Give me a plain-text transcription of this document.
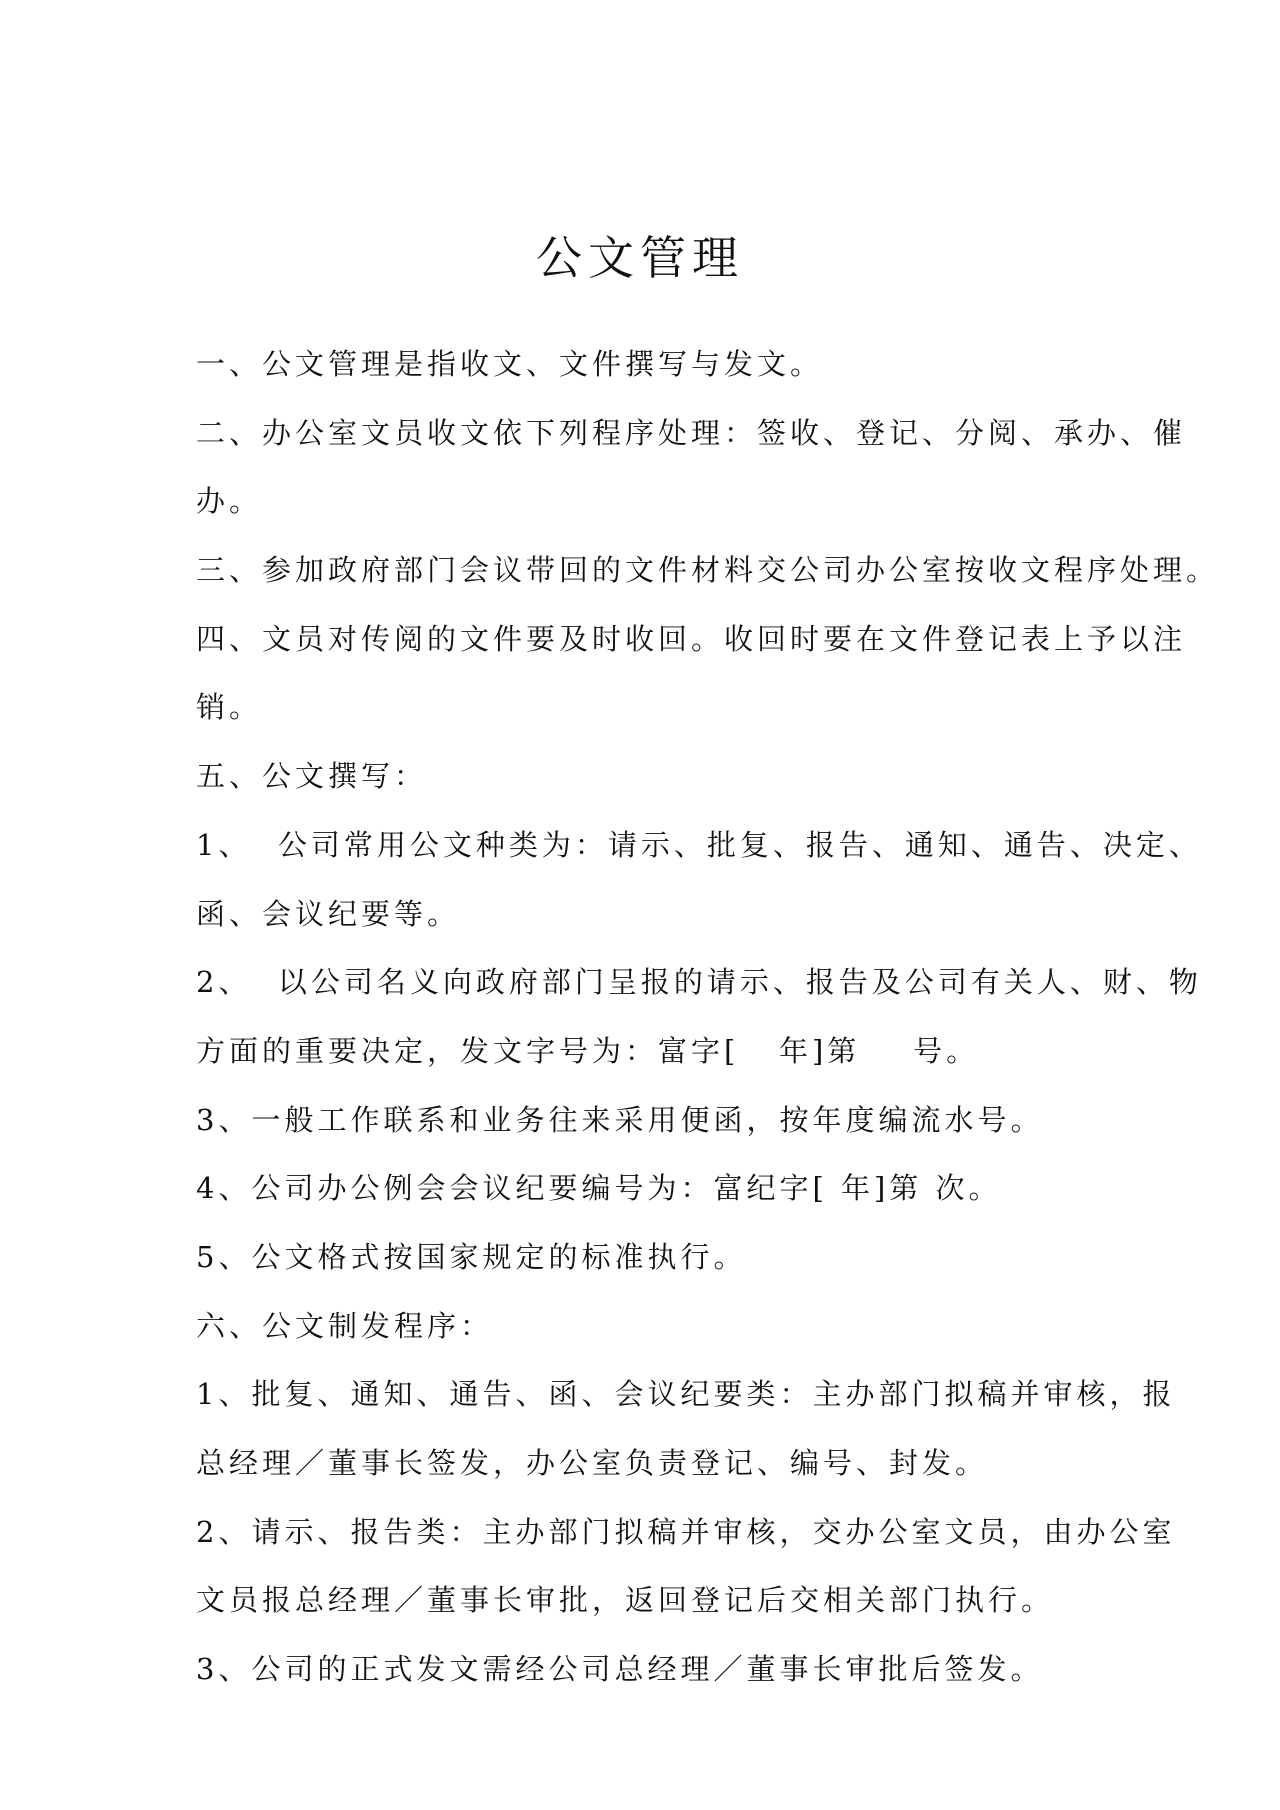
公文管理

一、公文管理是指收文、文件撰写与发文。

二、办公室文员收文依下列程序处理：签收、登记、分阅、承办、催

办。

三、参加政府部门会议带回的文件材料交公司办公室按收文程序处理。

四、文员对传阅的文件要及时收回。收回时要在文件登记表上予以注

销。

五、公文撰写：

1、  公司常用公文种类为：请示、批复、报告、通知、通告、决定、

函、会议纪要等。

2、  以公司名义向政府部门呈报的请示、报告及公司有关人、财、物

方面的重要决定，发文字号为：富字[   年]第    号。

3、一般工作联系和业务往来采用便函，按年度编流水号。

4、公司办公例会会议纪要编号为：富纪字[ 年]第 次。

5、公文格式按国家规定的标准执行。

六、公文制发程序：

1、批复、通知、通告、函、会议纪要类：主办部门拟稿并审核，报

总经理／董事长签发，办公室负责登记、编号、封发。

2、请示、报告类：主办部门拟稿并审核，交办公室文员，由办公室

文员报总经理／董事长审批，返回登记后交相关部门执行。

3、公司的正式发文需经公司总经理／董事长审批后签发。
